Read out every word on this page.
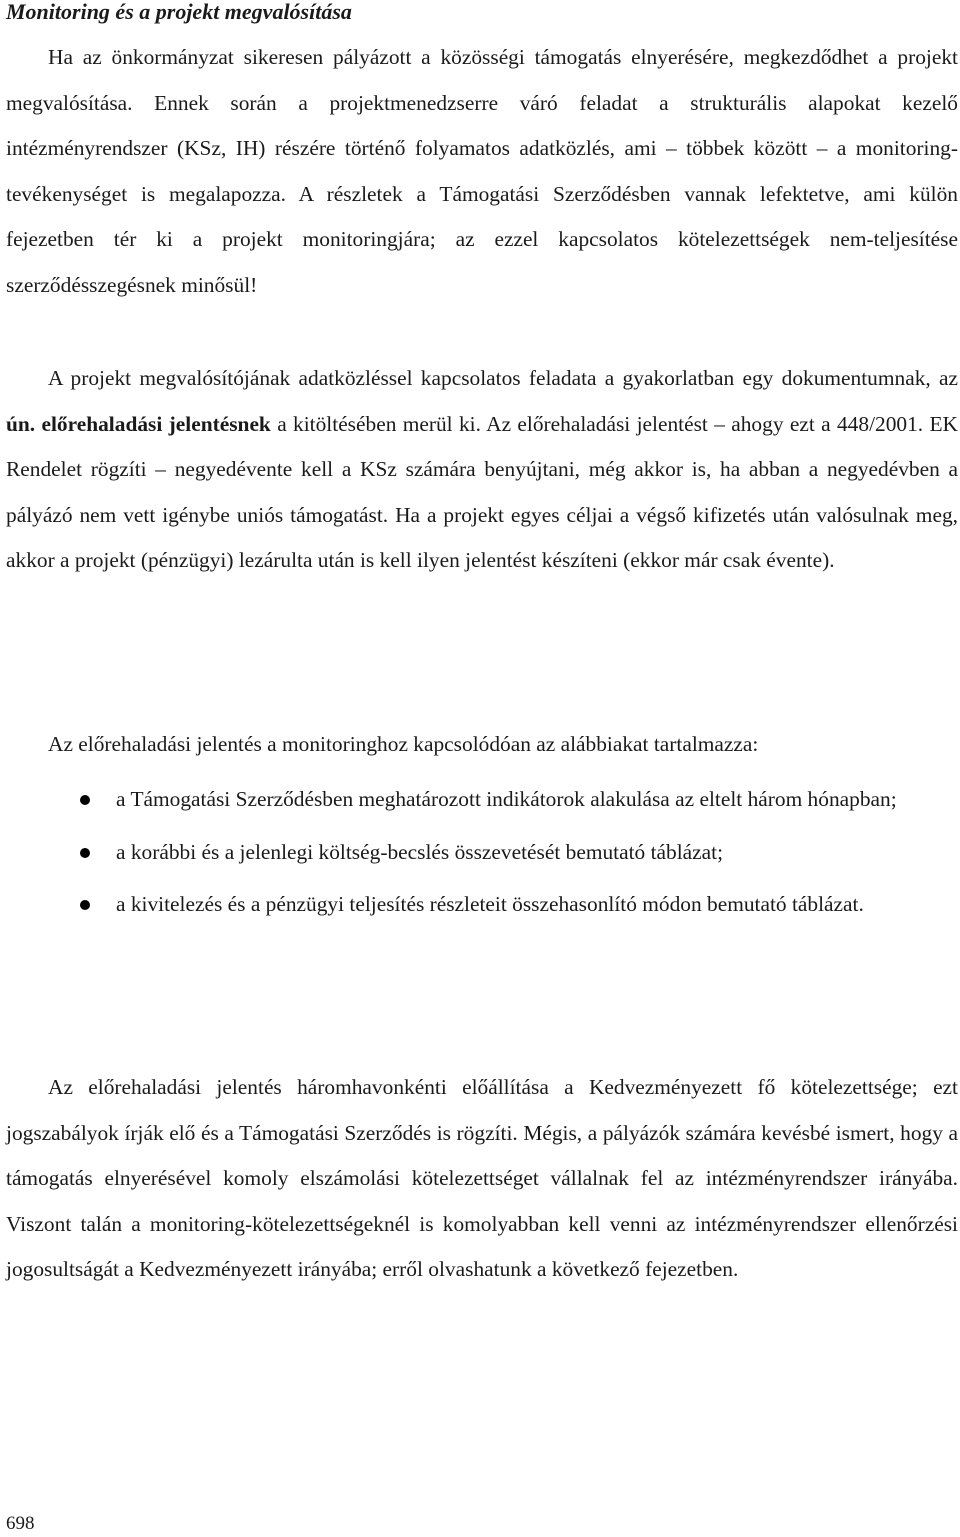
Monitoring és a projekt megvalósítása

Ha az önkormányzat sikeresen pályázott a közösségi támogatás elnyerésére, megkezdődhet a projekt megvalósítása. Ennek során a projektmenedzserre váró feladat a strukturális alapokat kezelő intézményrendszer (KSz, IH) részére történő folyamatos adatközlés, ami – többek között – a monitoring-tevékenységet is megalapozza. A részletek a Támogatási Szerződésben vannak lefektetve, ami külön fejezetben tér ki a projekt monitoringjára; az ezzel kapcsolatos kötelezettségek nem-teljesítése szerződésszegésnek minősül!

A projekt megvalósítójának adatközléssel kapcsolatos feladata a gyakorlatban egy dokumentumnak, az ún. előrehaladási jelentésnek a kitöltésében merül ki. Az előrehaladási jelentést – ahogy ezt a 448/2001. EK Rendelet rögzíti – negyedévente kell a KSz számára benyújtani, még akkor is, ha abban a negyedévben a pályázó nem vett igénybe uniós támogatást. Ha a projekt egyes céljai a végső kifizetés után valósulnak meg, akkor a projekt (pénzügyi) lezárulta után is kell ilyen jelentést készíteni (ekkor már csak évente).

Az előrehaladási jelentés a monitoringhoz kapcsolódóan az alábbiakat tartalmazza:

a Támogatási Szerződésben meghatározott indikátorok alakulása az eltelt három hónapban;
a korábbi és a jelenlegi költség-becslés összevetését bemutató táblázat;
a kivitelezés és a pénzügyi teljesítés részleteit összehasonlító módon bemutató táblázat.

Az előrehaladási jelentés háromhavonkénti előállítása a Kedvezményezett fő kötelezettsége; ezt jogszabályok írják elő és a Támogatási Szerződés is rögzíti. Mégis, a pályázók számára kevésbé ismert, hogy a támogatás elnyerésével komoly elszámolási kötelezettséget vállalnak fel az intézményrendszer irányába. Viszont talán a monitoring-kötelezettségeknél is komolyabban kell venni az intézményrendszer ellenőrzési jogosultságát a Kedvezményezett irányába; erről olvashatunk a következő fejezetben.

698
